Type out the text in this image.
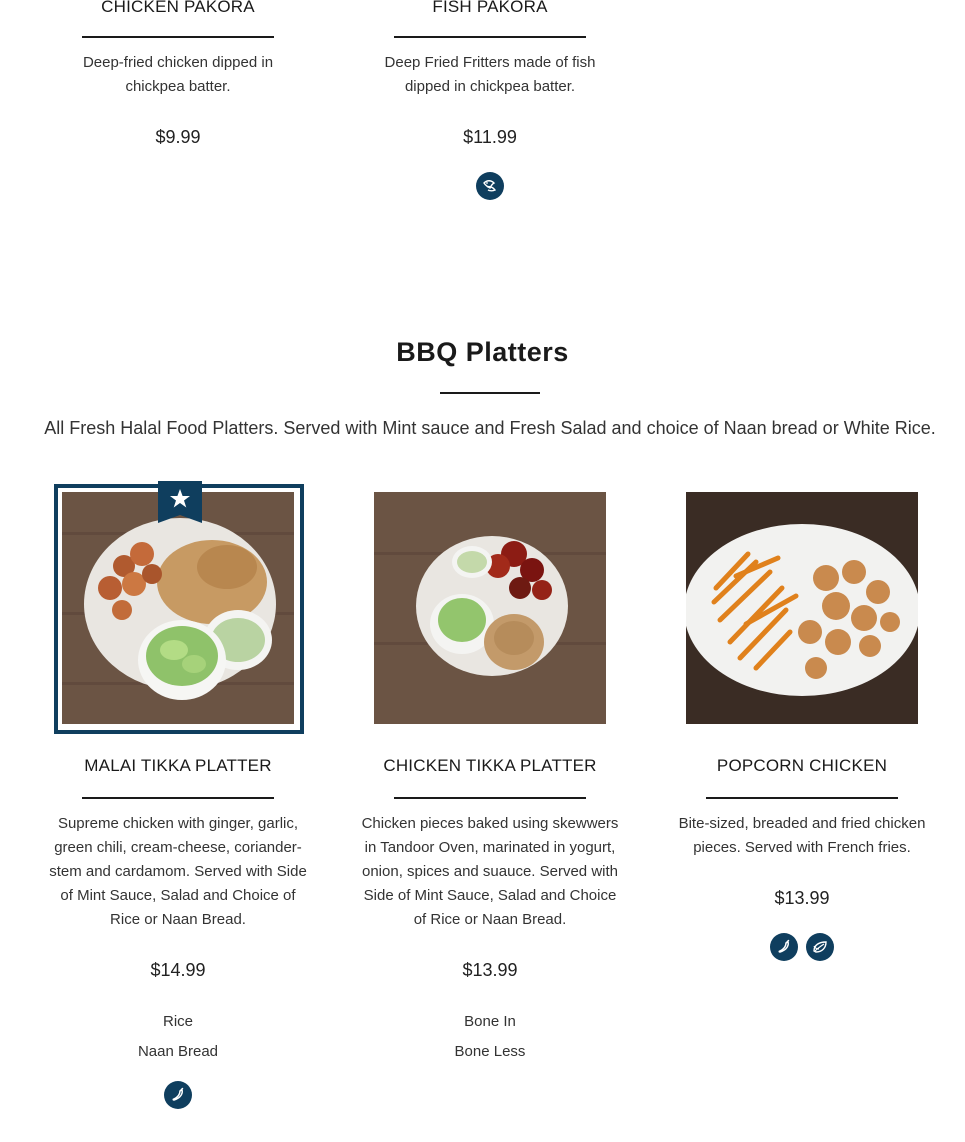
CHICKEN PAKORA
Deep-fried chicken dipped in chickpea batter.
$9.99
FISH PAKORA
Deep Fried Fritters made of fish dipped in chickpea batter.
$11.99
BBQ Platters
All Fresh Halal Food Platters. Served with Mint sauce and Fresh Salad and choice of Naan bread or White Rice.
MALAI TIKKA PLATTER
Supreme chicken with ginger, garlic, green chili, cream-cheese, coriander-stem and cardamom. Served with Side of Mint Sauce, Salad and Choice of Rice or Naan Bread.
$14.99
Rice
Naan Bread
CHICKEN TIKKA PLATTER
Chicken pieces baked using skewwers in Tandoor Oven, marinated in yogurt, onion, spices and suauce. Served with Side of Mint Sauce, Salad and Choice of Rice or Naan Bread.
$13.99
Bone In
Bone Less
POPCORN CHICKEN
Bite-sized, breaded and fried chicken pieces. Served with French fries.
$13.99
